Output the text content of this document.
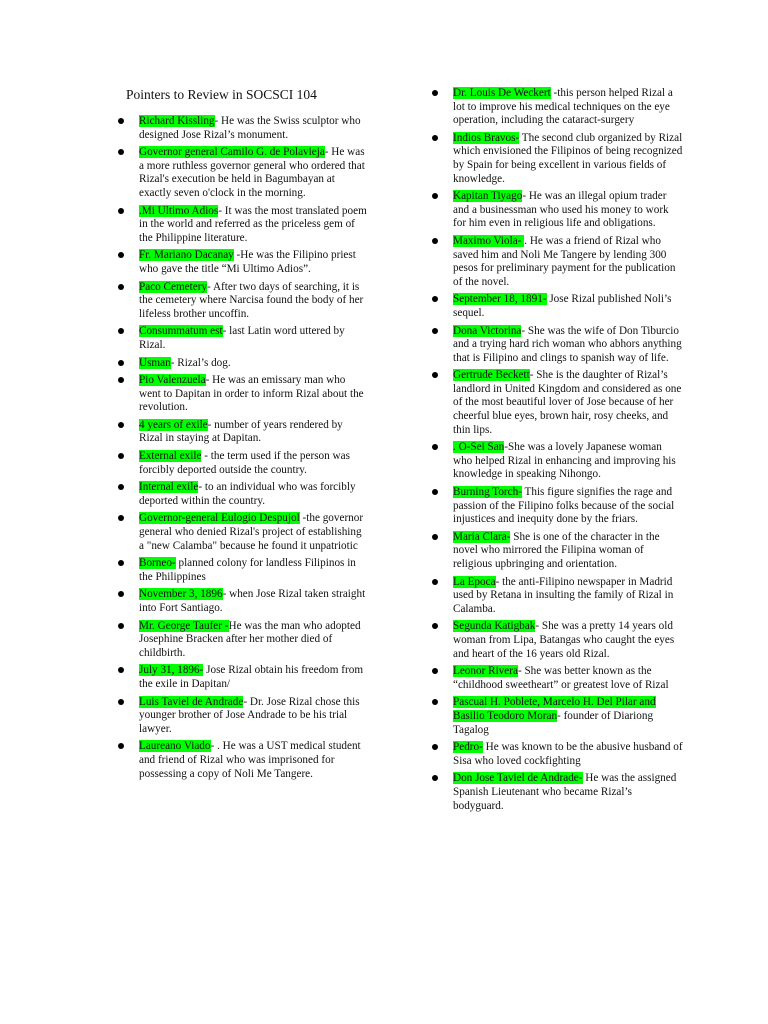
Pointers to Review in SOCSCI 104
Richard Kissling- He was the Swiss sculptor who designed Jose Rizal’s monument.
Governor general Camilo G. de Polavieja- He was a more ruthless governor general who ordered that Rizal's execution be held in Bagumbayan at exactly seven o'clock in the morning.
.Mi Ultimo Adios- It was the most translated poem in the world and referred as the priceless gem of the Philippine literature.
Fr. Mariano Dacanay -He was the Filipino priest who gave the title “Mi Ultimo Adios”.
Paco Cemetery- After two days of searching, it is the cemetery where Narcisa found the body of her lifeless brother uncoffin.
Consummatum est- last Latin word uttered by Rizal.
Usman- Rizal’s dog.
Pio Valenzuela- He was an emissary man who went to Dapitan in order to inform Rizal about the revolution.
4 years of exile- number of years rendered by Rizal in staying at Dapitan.
External exile - the term used if the person was forcibly deported outside the country.
Internal exile- to an individual who was forcibly deported within the country.
Governor-general Eulogio Despujol -the governor general who denied Rizal's project of establishing a "new Calamba" because he found it unpatriotic
Borneo- planned colony for landless Filipinos in the Philippines
November 3, 1896- when Jose Rizal taken straight into Fort Santiago.
Mr. George Taufer -He was the man who adopted Josephine Bracken after her mother died of childbirth.
July 31, 1896- Jose Rizal obtain his freedom from the exile in Dapitan/
Luis Taviel de Andrade- Dr. Jose Rizal chose this younger brother of Jose Andrade to be his trial lawyer.
Laureano Viado- . He was a UST medical student and friend of Rizal who was imprisoned for possessing a copy of Noli Me Tangere.
Dr. Louis De Weckert -this person helped Rizal a lot to improve his medical techniques on the eye operation, including the cataract-surgery
Indios Bravos- The second club organized by Rizal which envisioned the Filipinos of being recognized by Spain for being excellent in various fields of knowledge.
Kapitan Tiyago- He was an illegal opium trader and a businessman who used his money to work for him even in religious life and obligations.
Maximo Viola- . He was a friend of Rizal who saved him and Noli Me Tangere by lending 300 pesos for preliminary payment for the publication of the novel.
September 18, 1891- Jose Rizal published Noli’s sequel.
Dona Victorina- She was the wife of Don Tiburcio and a trying hard rich woman who abhors anything that is Filipino and clings to spanish way of life.
Gertrude Beckett- She is the daughter of Rizal’s landlord in United Kingdom and considered as one of the most beautiful lover of Jose because of her cheerful blue eyes, brown hair, rosy cheeks, and thin lips.
. O-Sei San-She was a lovely Japanese woman who helped Rizal in enhancing and improving his knowledge in speaking Nihongo.
Burning Torch- This figure signifies the rage and passion of the Filipino folks because of the social injustices and inequity done by the friars.
Maria Clara- She is one of the character in the novel who mirrored the Filipina woman of religious upbringing and orientation.
La Epoca- the anti-Filipino newspaper in Madrid used by Retana in insulting the family of Rizal in Calamba.
Segunda Katigbak- She was a pretty 14 years old woman from Lipa, Batangas who caught the eyes and heart of the 16 years old Rizal.
Leonor Rivera- She was better known as the “childhood sweetheart” or greatest love of Rizal
Pascual H. Poblete, Marcelo H. Del Pilar and Basilio Teodoro Moran- founder of Diariong Tagalog
Pedro- He was known to be the abusive husband of Sisa who loved cockfighting
Don Jose Taviel de Andrade- He was the assigned Spanish Lieutenant who became Rizal’s bodyguard.
